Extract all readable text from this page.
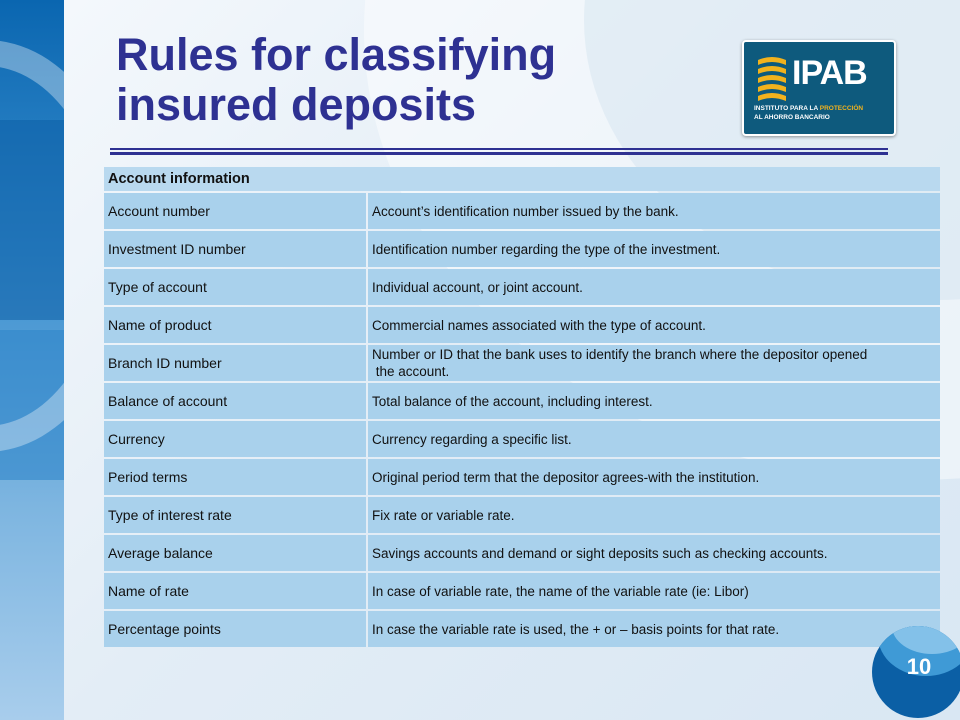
Rules for classifying
insured deposits
IPAB
INSTITUTO PARA LA PROTECCIÓN
AL AHORRO BANCARIO
Account information
Account number	Account’s identification number issued by the bank.
Investment ID number	Identification number regarding the type of the investment.
Type of account	Individual account, or joint account.
Name of product	Commercial names associated with the type of account.
Branch ID number	Number or ID that the bank uses to identify the branch where the depositor opened
the account.
Balance of account	Total balance of the account, including interest.
Currency	Currency regarding a specific list.
Period terms	Original period term that the depositor agrees-with the institution.
Type of interest rate	Fix rate or variable rate.
Average balance	Savings accounts and demand or sight deposits such as checking accounts.
Name of rate	In case of variable rate, the name of the variable rate (ie: Libor)
Percentage points	In case the variable rate is used, the + or – basis points for that rate.
10
